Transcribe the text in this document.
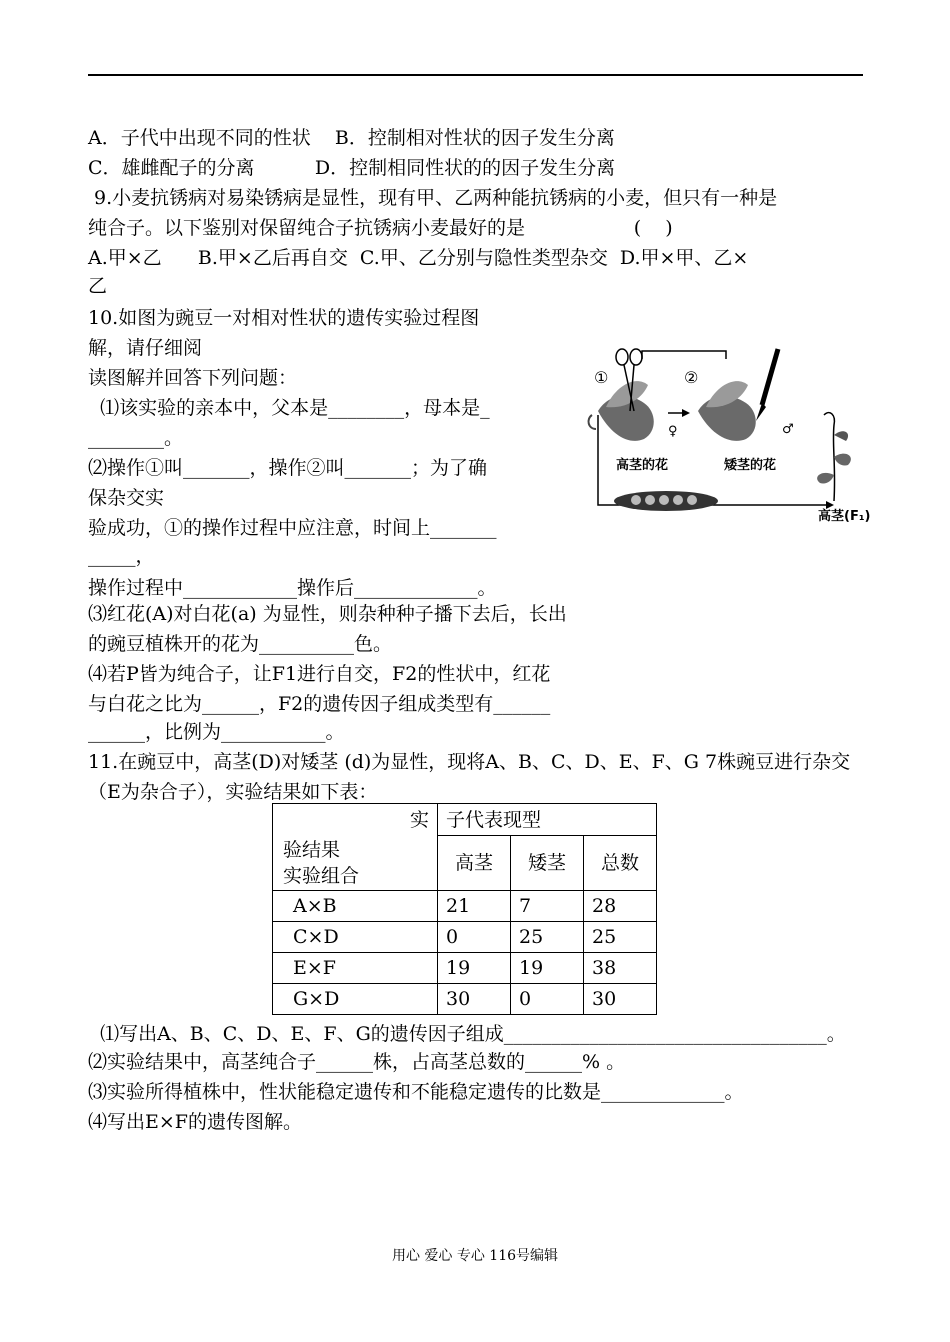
A．子代中出现不同的性状    B．控制相对性状的因子发生分离
C．雄雌配子的分离          D．控制相同性状的的因子发生分离
9.小麦抗锈病对易染锈病是显性，现有甲、乙两种能抗锈病的小麦，但只有一种是
纯合子。以下鉴别对保留纯合子抗锈病小麦最好的是                  (    )
A.甲×乙      B.甲×乙后再自交  C.甲、乙分别与隐性类型杂交  D.甲×甲、乙×
乙
10.如图为豌豆一对相对性状的遗传实验过程图
解，请仔细阅
读图解并回答下列问题：
⑴该实验的亲本中，父本是________，母本是_
________。
⑵操作①叫_______，操作②叫_______；为了确
保杂交实
验成功，①的操作过程中应注意，时间上_______
_____，
操作过程中____________操作后_____________。
⑶红花(A)对白花(a) 为显性，则杂种种子播下去后，长出
的豌豆植株开的花为__________色。
⑷若P皆为纯合子，让F1进行自交，F2的性状中，红花
与白花之比为______，F2的遗传因子组成类型有______
______，比例为___________。
11.在豌豆中，高茎(D)对矮茎 (d)为显性，现将A、B、C、D、E、F、G 7株豌豆进行杂交
（E为杂合子），实验结果如下表：
①	②
♀	♂
高茎的花	矮茎的花
高茎(F₁)
实
验结果
实验组合	子代表现型		
	高茎	矮茎	总数
A×B	21	7	28
C×D	0	25	25
E×F	19	19	38
G×D	30	0	30
⑴写出A、B、C、D、E、F、G的遗传因子组成__________________________________。
⑵实验结果中，高茎纯合子______株，占高茎总数的______% 。
⑶实验所得植株中，性状能稳定遗传和不能稳定遗传的比数是_____________。
⑷写出E×F的遗传图解。
用心 爱心 专心 116号编辑
